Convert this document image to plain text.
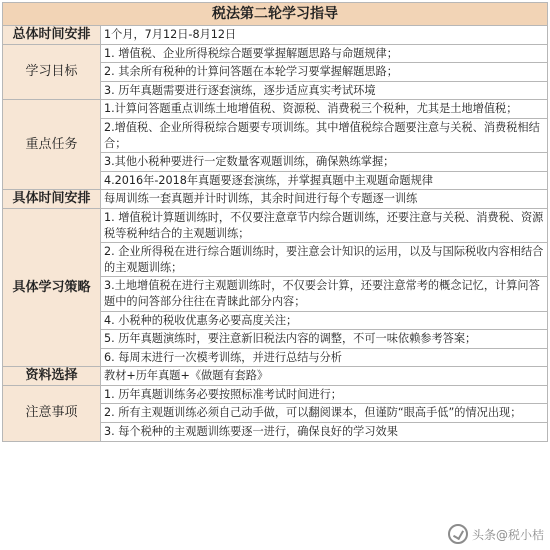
税法第二轮学习指导	
总体时间安排	1个月，7月12日-8月12日
学习目标	1. 增值税、企业所得税综合题要掌握解题思路与命题规律；
	2. 其余所有税种的计算问答题在本轮学习要掌握解题思路；
	3. 历年真题需要进行逐套演练，逐步适应真实考试环境
重点任务	1.计算问答题重点训练土地增值税、资源税、消费税三个税种，尤其是土地增值税；
	2.增值税、企业所得税综合题要专项训练。其中增值税综合题要注意与关税、消费税相结合；
	3.其他小税种要进行一定数量客观题训练，确保熟练掌握；
	4.2016年-2018年真题要逐套演练，并掌握真题中主观题命题规律
具体时间安排	每周训练一套真题并计时训练，其余时间进行每个专题逐一训练
具体学习策略	1. 增值税计算题训练时，不仅要注意章节内综合题训练，还要注意与关税、消费税、资源税等税种结合的主观题训练；
	2. 企业所得税在进行综合题训练时，要注意会计知识的运用，以及与国际税收内容相结合的主观题训练；
	3.土地增值税在进行主观题训练时，不仅要会计算，还要注意常考的概念记忆，计算问答题中的问答部分往往在青睐此部分内容；
	4. 小税种的税收优惠务必要高度关注；
	5. 历年真题演练时，要注意新旧税法内容的调整，不可一味依赖参考答案；
	6. 每周末进行一次模考训练，并进行总结与分析
资料选择	教材+历年真题+《做题有套路》
注意事项	1. 历年真题训练务必要按照标准考试时间进行；
	2. 所有主观题训练必须自己动手做，可以翻阅课本，但谨防“眼高手低”的情况出现；
	3. 每个税种的主观题训练要逐一进行，确保良好的学习效果
头条@税小桔
